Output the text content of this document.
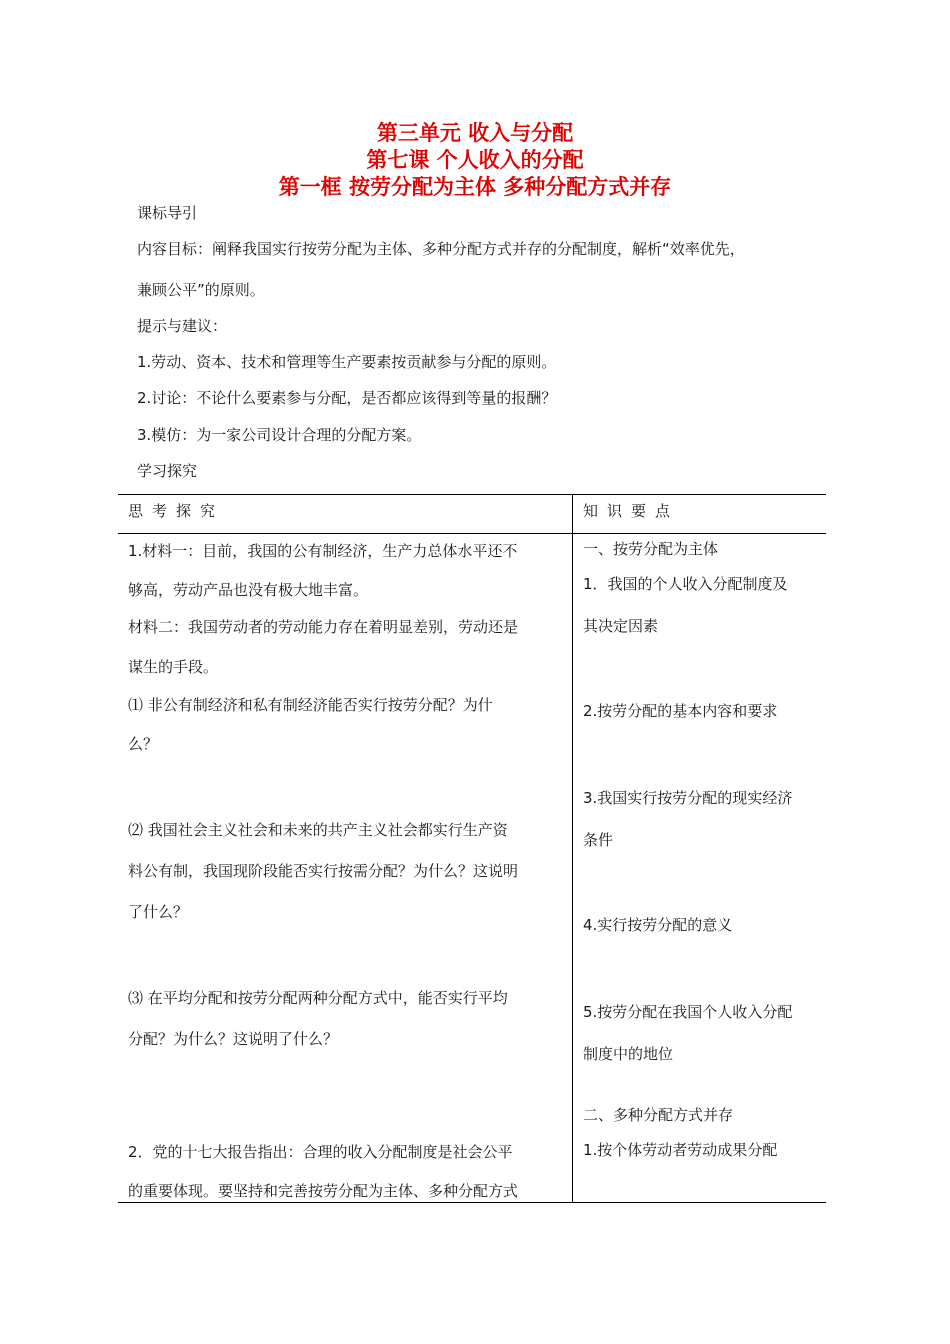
第三单元 收入与分配
第七课 个人收入的分配
第一框 按劳分配为主体 多种分配方式并存
课标导引
内容目标：阐释我国实行按劳分配为主体、多种分配方式并存的分配制度，解析“效率优先，
兼顾公平”的原则。
提示与建议：
1.劳动、资本、技术和管理等生产要素按贡献参与分配的原则。
2.讨论：不论什么要素参与分配，是否都应该得到等量的报酬？
3.模仿：为一家公司设计合理的分配方案。
学习探究
思考探究	知识要点
1.材料一：目前，我国的公有制经济，生产力总体水平还不
够高，劳动产品也没有极大地丰富。
材料二：我国劳动者的劳动能力存在着明显差别，劳动还是
谋生的手段。
⑴ 非公有制经济和私有制经济能否实行按劳分配？为什
么？
⑵ 我国社会主义社会和未来的共产主义社会都实行生产资
料公有制，我国现阶段能否实行按需分配？为什么？这说明
了什么？
⑶ 在平均分配和按劳分配两种分配方式中，能否实行平均
分配？为什么？这说明了什么？
2．党的十七大报告指出：合理的收入分配制度是社会公平
的重要体现。要坚持和完善按劳分配为主体、多种分配方式
一、按劳分配为主体
1．我国的个人收入分配制度及
其决定因素
2.按劳分配的基本内容和要求
3.我国实行按劳分配的现实经济
条件
4.实行按劳分配的意义
5.按劳分配在我国个人收入分配
制度中的地位
二、多种分配方式并存
1.按个体劳动者劳动成果分配
